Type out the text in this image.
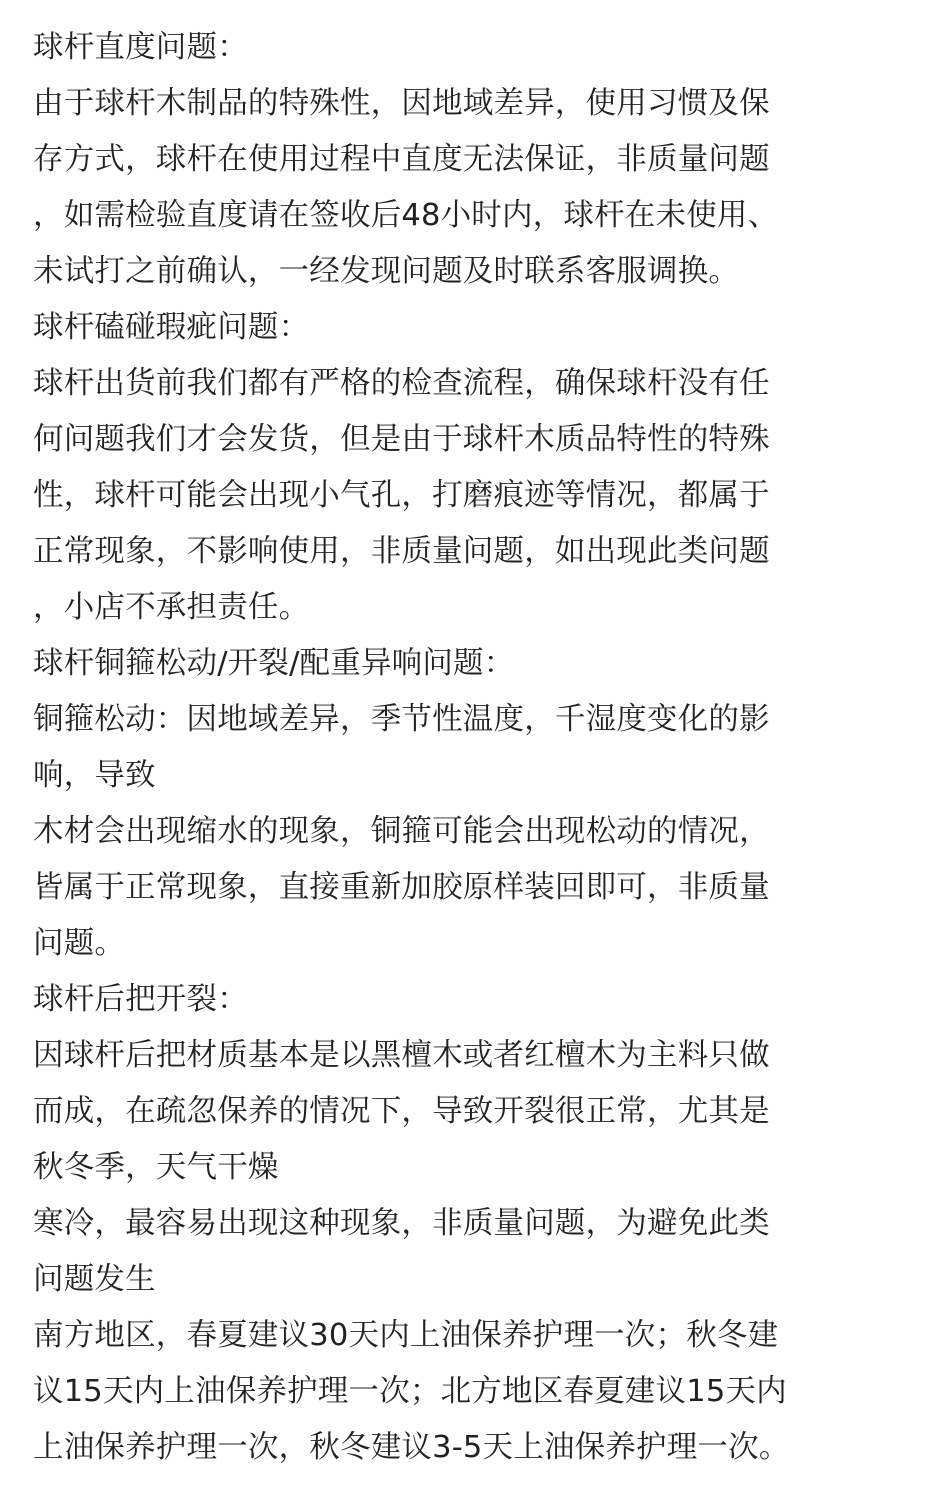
球杆直度问题：
由于球杆木制品的特殊性，因地域差异，使用习惯及保
存方式，球杆在使用过程中直度无法保证，非质量问题
，如需检验直度请在签收后48小时内，球杆在未使用、
未试打之前确认，一经发现问题及时联系客服调换。
球杆磕碰瑕疵问题：
球杆出货前我们都有严格的检查流程，确保球杆没有任
何问题我们才会发货，但是由于球杆木质品特性的特殊
性，球杆可能会出现小气孔，打磨痕迹等情况，都属于
正常现象，不影响使用，非质量问题，如出现此类问题
，小店不承担责任。
球杆铜箍松动/开裂/配重异响问题：
铜箍松动：因地域差异，季节性温度，千湿度变化的影
响，导致
木材会出现缩水的现象，铜箍可能会出现松动的情况，
皆属于正常现象，直接重新加胶原样装回即可，非质量
问题。
球杆后把开裂：
因球杆后把材质基本是以黑檀木或者红檀木为主料只做
而成，在疏忽保养的情况下，导致开裂很正常，尤其是
秋冬季，天气干燥
寒冷，最容易出现这种现象，非质量问题，为避免此类
问题发生
南方地区，春夏建议30天内上油保养护理一次；秋冬建
议15天内上油保养护理一次；北方地区春夏建议15天内
上油保养护理一次，秋冬建议3-5天上油保养护理一次。
